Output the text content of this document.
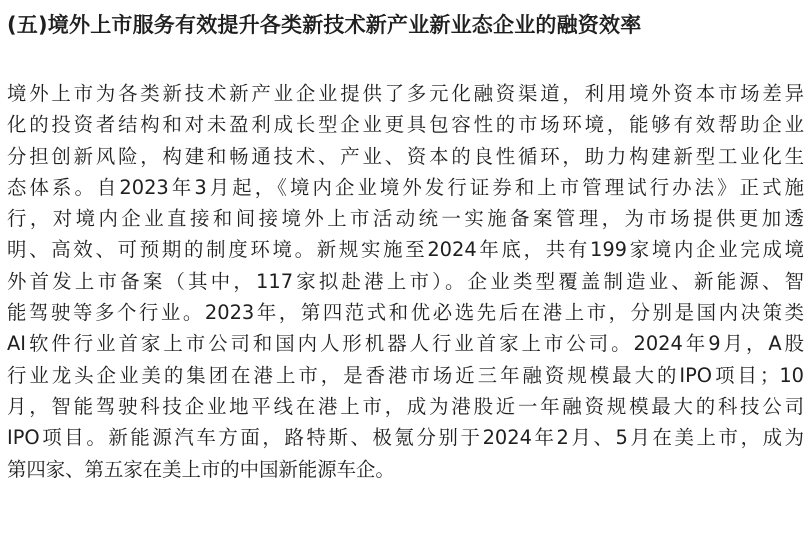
(五)境外上市服务有效提升各类新技术新产业新业态企业的融资效率
境外上市为各类新技术新产业企业提供了多元化融资渠道，利用境外资本市场差异
化的投资者结构和对未盈利成长型企业更具包容性的市场环境，能够有效帮助企业
分担创新风险，构建和畅通技术、产业、资本的良性循环，助力构建新型工业化生
态体系。自2023年3月起，《境内企业境外发行证券和上市管理试行办法》正式施
行，对境内企业直接和间接境外上市活动统一实施备案管理，为市场提供更加透
明、高效、可预期的制度环境。新规实施至2024年底，共有199家境内企业完成境
外首发上市备案（其中，117家拟赴港上市）。企业类型覆盖制造业、新能源、智
能驾驶等多个行业。2023年，第四范式和优必选先后在港上市，分别是国内决策类
AI软件行业首家上市公司和国内人形机器人行业首家上市公司。2024年9月，A股
行业龙头企业美的集团在港上市，是香港市场近三年融资规模最大的IPO项目；10
月，智能驾驶科技企业地平线在港上市，成为港股近一年融资规模最大的科技公司
IPO项目。新能源汽车方面，路特斯、极氪分别于2024年2月、5月在美上市，成为
第四家、第五家在美上市的中国新能源车企。
